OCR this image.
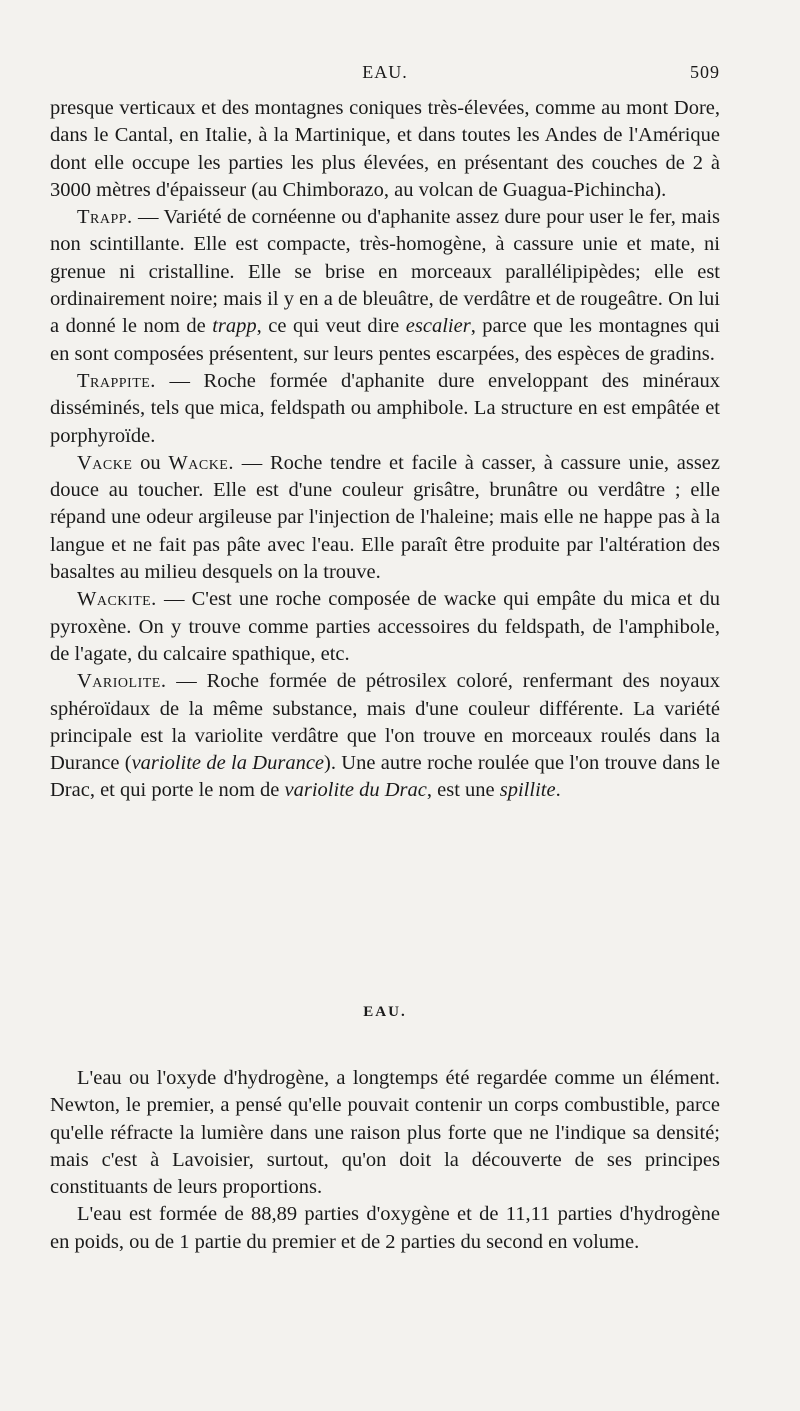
EAU.	509

presque verticaux et des montagnes coniques très-élevées, comme au mont Dore, dans le Cantal, en Italie, à la Martinique, et dans toutes les Andes de l'Amérique dont elle occupe les parties les plus élevées, en présentant des couches de 2 à 3000 mètres d'épaisseur (au Chimborazo, au volcan de Guagua-Pichincha).

Trapp. — Variété de cornéenne ou d'aphanite assez dure pour user le fer, mais non scintillante. Elle est compacte, très-homogène, à cassure unie et mate, ni grenue ni cristalline. Elle se brise en morceaux parallélipipèdes; elle est ordinairement noire; mais il y en a de bleuâtre, de verdâtre et de rougeâtre. On lui a donné le nom de trapp, ce qui veut dire escalier, parce que les montagnes qui en sont composées présentent, sur leurs pentes escarpées, des espèces de gradins.

Trappite. — Roche formée d'aphanite dure enveloppant des minéraux disséminés, tels que mica, feldspath ou amphibole. La structure en est empâtée et porphyroïde.

Vacke ou Wacke. — Roche tendre et facile à casser, à cassure unie, assez douce au toucher. Elle est d'une couleur grisâtre, brunâtre ou verdâtre ; elle répand une odeur argileuse par l'injection de l'haleine; mais elle ne happe pas à la langue et ne fait pas pâte avec l'eau. Elle paraît être produite par l'altération des basaltes au milieu desquels on la trouve.

Wackite. — C'est une roche composée de wacke qui empâte du mica et du pyroxène. On y trouve comme parties accessoires du feldspath, de l'amphibole, de l'agate, du calcaire spathique, etc.

Variolite. — Roche formée de pétrosilex coloré, renfermant des noyaux sphéroïdaux de la même substance, mais d'une couleur différente. La variété principale est la variolite verdâtre que l'on trouve en morceaux roulés dans la Durance (variolite de la Durance). Une autre roche roulée que l'on trouve dans le Drac, et qui porte le nom de variolite du Drac, est une spillite.

EAU.

L'eau ou l'oxyde d'hydrogène, a longtemps été regardée comme un élément. Newton, le premier, a pensé qu'elle pouvait contenir un corps combustible, parce qu'elle réfracte la lumière dans une raison plus forte que ne l'indique sa densité; mais c'est à Lavoisier, surtout, qu'on doit la découverte de ses principes constituants de leurs proportions.

L'eau est formée de 88,89 parties d'oxygène et de 11,11 parties d'hydrogène en poids, ou de 1 partie du premier et de 2 parties du second en volume.
